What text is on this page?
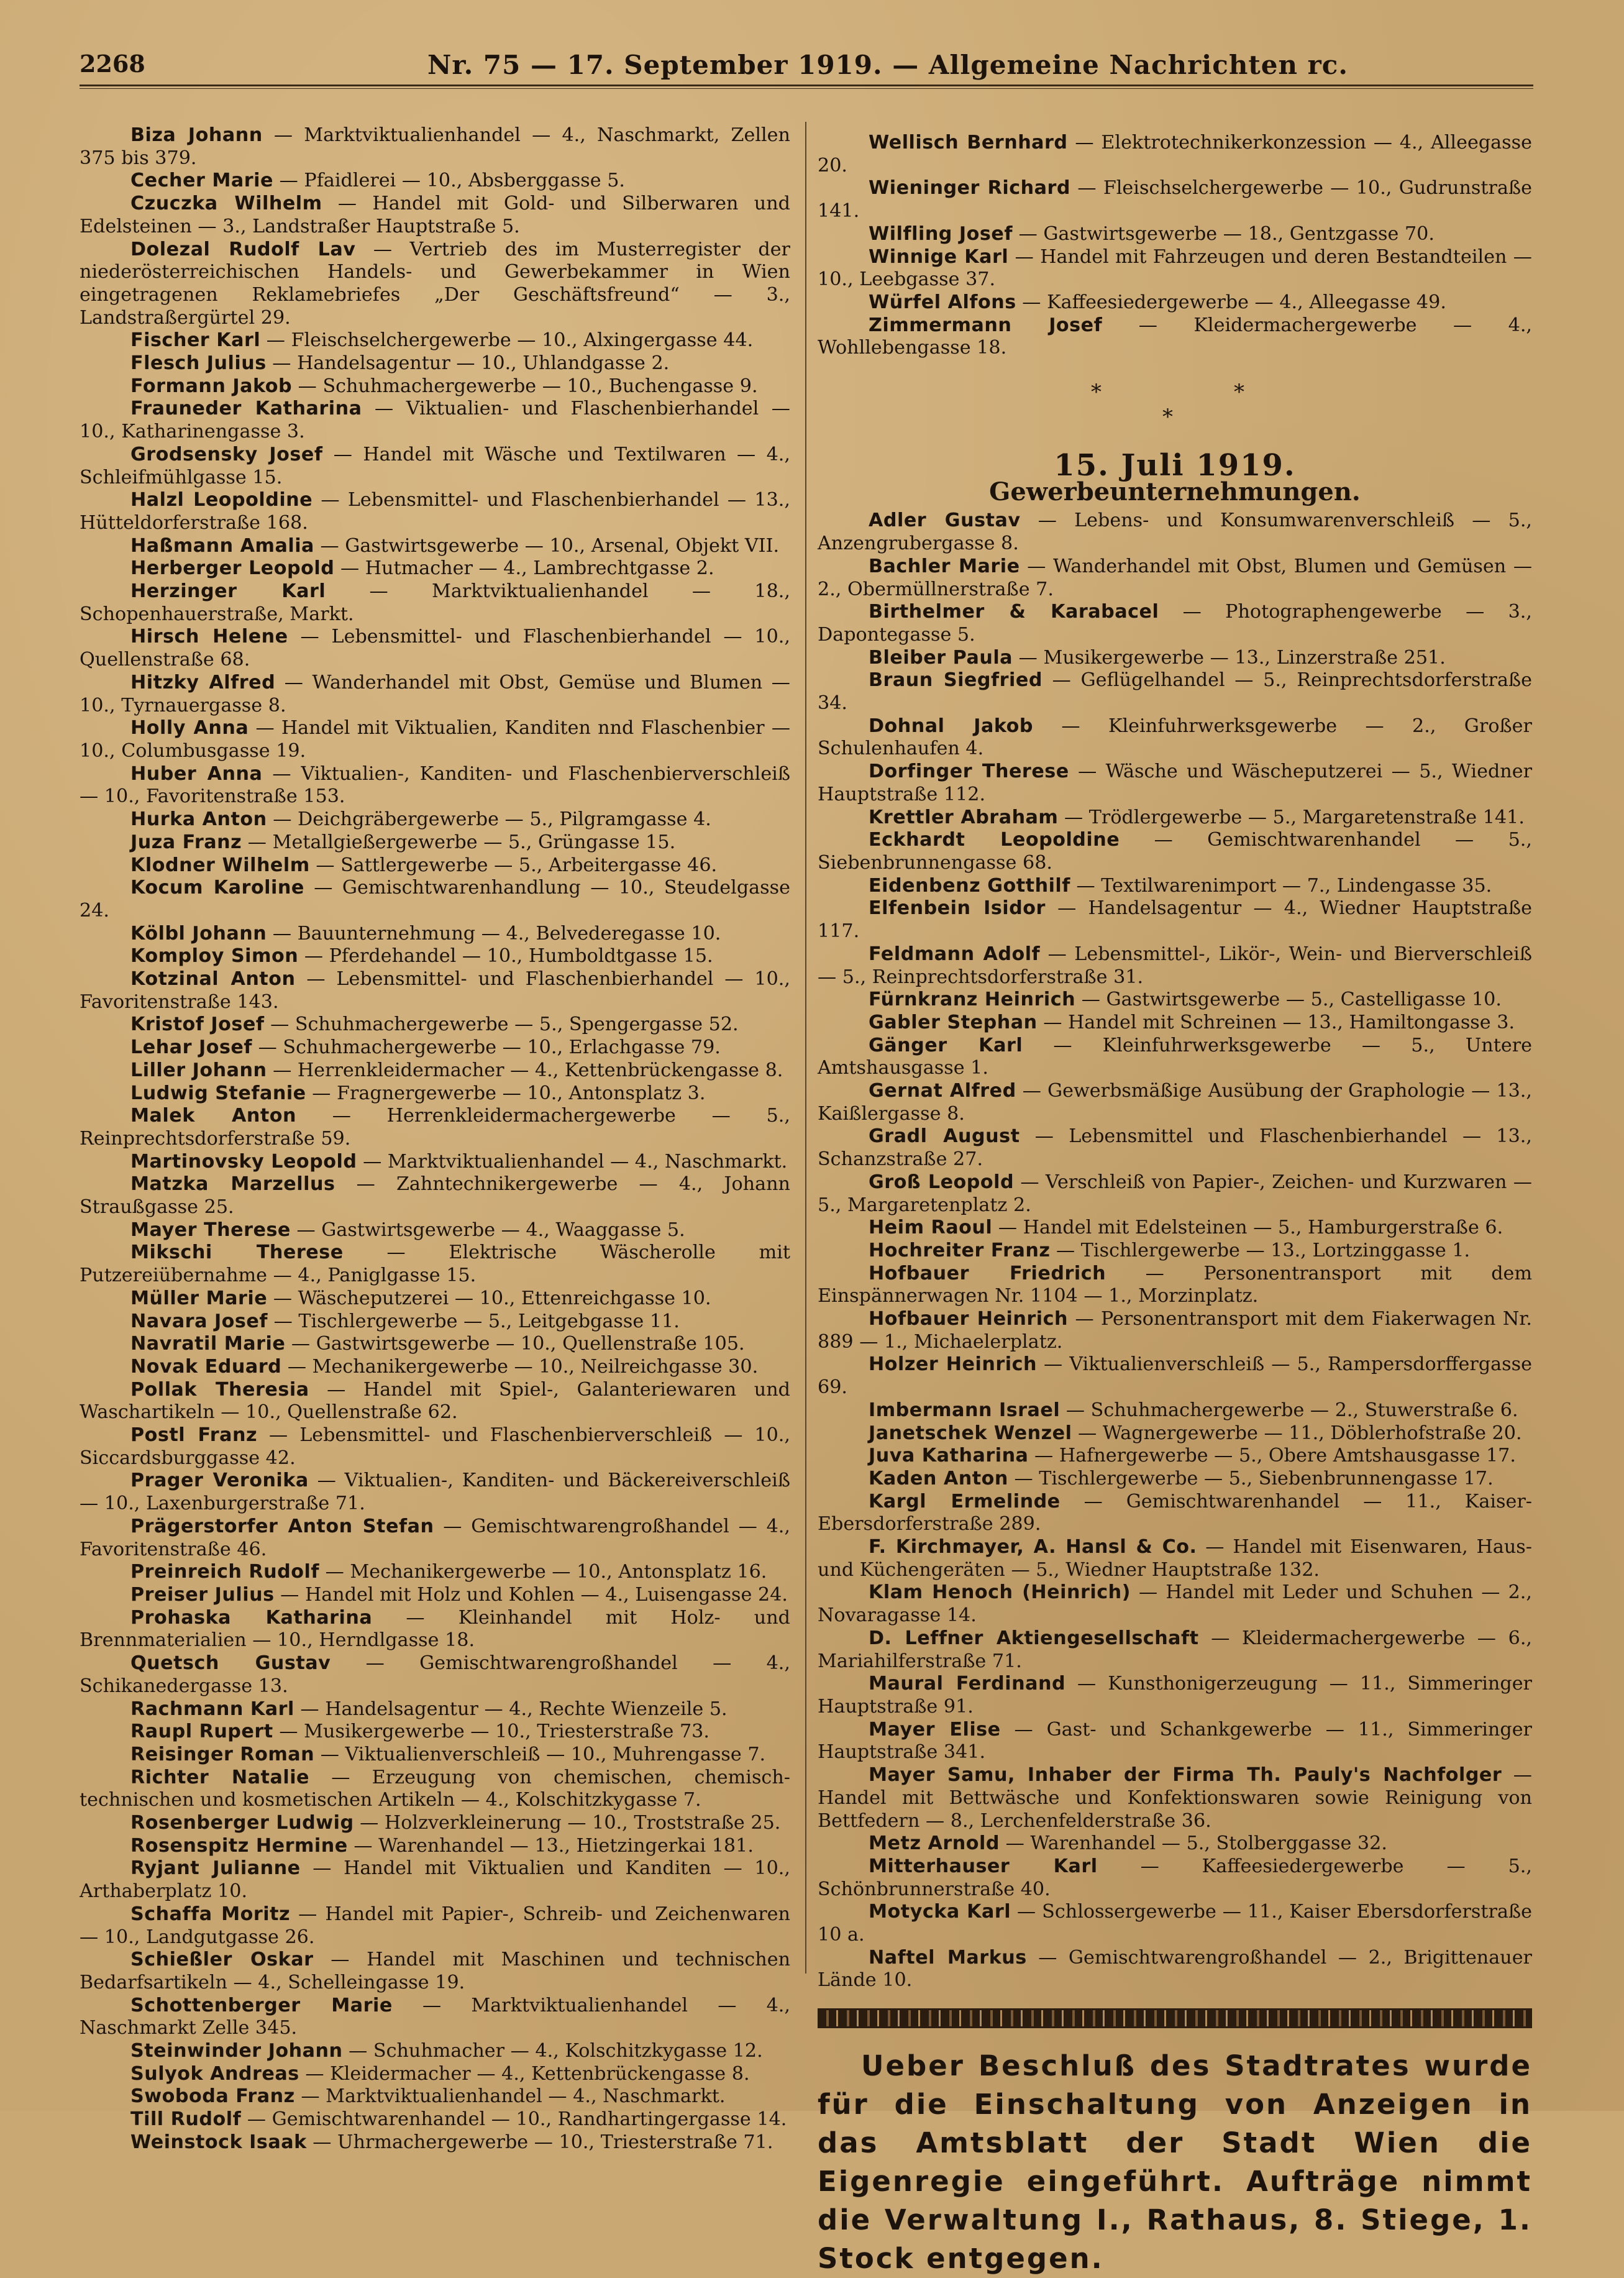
2268	Nr. 75 — 17. September 1919. — Allgemeine Nachrichten rc.

Biza Johann — Marktviktualienhandel — 4., Naschmarkt, Zellen 375 bis 379.

Cecher Marie — Pfaidlerei — 10., Absberggasse 5.

Czuczka Wilhelm — Handel mit Gold- und Silberwaren und Edelsteinen — 3., Landstraßer Hauptstraße 5.

Dolezal Rudolf Lav — Vertrieb des im Musterregister der niederösterreichischen Handels- und Gewerbekammer in Wien eingetragenen Reklamebriefes „Der Geschäftsfreund“ — 3., Landstraßergürtel 29.

Fischer Karl — Fleischselchergewerbe — 10., Alxingergasse 44.

Flesch Julius — Handelsagentur — 10., Uhlandgasse 2.

Formann Jakob — Schuhmachergewerbe — 10., Buchengasse 9.

Frauneder Katharina — Viktualien- und Flaschenbierhandel — 10., Katharinengasse 3.

Grodsensky Josef — Handel mit Wäsche und Textilwaren — 4., Schleifmühlgasse 15.

Halzl Leopoldine — Lebensmittel- und Flaschenbierhandel — 13., Hütteldorferstraße 168.

Haßmann Amalia — Gastwirtsgewerbe — 10., Arsenal, Objekt VII.

Herberger Leopold — Hutmacher — 4., Lambrechtgasse 2.

Herzinger Karl — Marktviktualienhandel — 18., Schopenhauerstraße, Markt.

Hirsch Helene — Lebensmittel- und Flaschenbierhandel — 10., Quellenstraße 68.

Hitzky Alfred — Wanderhandel mit Obst, Gemüse und Blumen — 10., Tyrnauergasse 8.

Holly Anna — Handel mit Viktualien, Kanditen nnd Flaschenbier — 10., Columbusgasse 19.

Huber Anna — Viktualien-, Kanditen- und Flaschenbierverschleiß — 10., Favoritenstraße 153.

Hurka Anton — Deichgräbergewerbe — 5., Pilgramgasse 4.

Juza Franz — Metallgießergewerbe — 5., Grüngasse 15.

Klodner Wilhelm — Sattlergewerbe — 5., Arbeitergasse 46.

Kocum Karoline — Gemischtwarenhandlung — 10., Steudelgasse 24.

Kölbl Johann — Bauunternehmung — 4., Belvederegasse 10.

Komploy Simon — Pferdehandel — 10., Humboldtgasse 15.

Kotzinal Anton — Lebensmittel- und Flaschenbierhandel — 10., Favoritenstraße 143.

Kristof Josef — Schuhmachergewerbe — 5., Spengergasse 52.

Lehar Josef — Schuhmachergewerbe — 10., Erlachgasse 79.

Liller Johann — Herrenkleidermacher — 4., Kettenbrückengasse 8.

Ludwig Stefanie — Fragnergewerbe — 10., Antonsplatz 3.

Malek Anton — Herrenkleidermachergewerbe — 5., Reinprechtsdorferstraße 59.

Martinovsky Leopold — Marktviktualienhandel — 4., Naschmarkt.

Matzka Marzellus — Zahntechnikergewerbe — 4., Johann Straußgasse 25.

Mayer Therese — Gastwirtsgewerbe — 4., Waaggasse 5.

Mikschi Therese — Elektrische Wäscherolle mit Putzereiübernahme — 4., Paniglgasse 15.

Müller Marie — Wäscheputzerei — 10., Ettenreichgasse 10.

Navara Josef — Tischlergewerbe — 5., Leitgebgasse 11.

Navratil Marie — Gastwirtsgewerbe — 10., Quellenstraße 105.

Novak Eduard — Mechanikergewerbe — 10., Neilreichgasse 30.

Pollak Theresia — Handel mit Spiel-, Galanteriewaren und Waschartikeln — 10., Quellenstraße 62.

Postl Franz — Lebensmittel- und Flaschenbierverschleiß — 10., Siccardsburggasse 42.

Prager Veronika — Viktualien-, Kanditen- und Bäckereiverschleiß — 10., Laxenburgerstraße 71.

Prägerstorfer Anton Stefan — Gemischtwarengroßhandel — 4., Favoritenstraße 46.

Preinreich Rudolf — Mechanikergewerbe — 10., Antonsplatz 16.

Preiser Julius — Handel mit Holz und Kohlen — 4., Luisengasse 24.

Prohaska Katharina — Kleinhandel mit Holz- und Brennmaterialien — 10., Herndlgasse 18.

Quetsch Gustav — Gemischtwarengroßhandel — 4., Schikanedergasse 13.

Rachmann Karl — Handelsagentur — 4., Rechte Wienzeile 5.

Raupl Rupert — Musikergewerbe — 10., Triesterstraße 73.

Reisinger Roman — Viktualienverschleiß — 10., Muhrengasse 7.

Richter Natalie — Erzeugung von chemischen, chemisch-technischen und kosmetischen Artikeln — 4., Kolschitzkygasse 7.

Rosenberger Ludwig — Holzverkleinerung — 10., Troststraße 25.

Rosenspitz Hermine — Warenhandel — 13., Hietzingerkai 181.

Ryjant Julianne — Handel mit Viktualien und Kanditen — 10., Arthaberplatz 10.

Schaffa Moritz — Handel mit Papier-, Schreib- und Zeichenwaren — 10., Landgutgasse 26.

Schießler Oskar — Handel mit Maschinen und technischen Bedarfsartikeln — 4., Schelleingasse 19.

Schottenberger Marie — Marktviktualienhandel — 4., Naschmarkt Zelle 345.

Steinwinder Johann — Schuhmacher — 4., Kolschitzkygasse 12.

Sulyok Andreas — Kleidermacher — 4., Kettenbrückengasse 8.

Swoboda Franz — Marktviktualienhandel — 4., Naschmarkt.

Till Rudolf — Gemischtwarenhandel — 10., Randhartingergasse 14.

Weinstock Isaak — Uhrmachergewerbe — 10., Triesterstraße 71.

Wellisch Bernhard — Elektrotechnikerkonzession — 4., Alleegasse 20.

Wieninger Richard — Fleischselchergewerbe — 10., Gudrunstraße 141.

Wilfling Josef — Gastwirtsgewerbe — 18., Gentzgasse 70.

Winnige Karl — Handel mit Fahrzeugen und deren Bestandteilen — 10., Leebgasse 37.

Würfel Alfons — Kaffeesiedergewerbe — 4., Alleegasse 49.

Zimmermann Josef — Kleidermachergewerbe — 4., Wohllebengasse 18.

*	*
*
15. Juli 1919.
Gewerbeunternehmungen.

Adler Gustav — Lebens- und Konsumwarenverschleiß — 5., Anzengrubergasse 8.

Bachler Marie — Wanderhandel mit Obst, Blumen und Gemüsen — 2., Obermüllnerstraße 7.

Birthelmer & Karabacel — Photographengewerbe — 3., Dapontegasse 5.

Bleiber Paula — Musikergewerbe — 13., Linzerstraße 251.

Braun Siegfried — Geflügelhandel — 5., Reinprechtsdorferstraße 34.

Dohnal Jakob — Kleinfuhrwerksgewerbe — 2., Großer Schulenhaufen 4.

Dorfinger Therese — Wäsche und Wäscheputzerei — 5., Wiedner Hauptstraße 112.

Krettler Abraham — Trödlergewerbe — 5., Margaretenstraße 141.

Eckhardt Leopoldine — Gemischtwarenhandel — 5., Siebenbrunnengasse 68.

Eidenbenz Gotthilf — Textilwarenimport — 7., Lindengasse 35.

Elfenbein Isidor — Handelsagentur — 4., Wiedner Hauptstraße 117.

Feldmann Adolf — Lebensmittel-, Likör-, Wein- und Bierverschleiß — 5., Reinprechtsdorferstraße 31.

Fürnkranz Heinrich — Gastwirtsgewerbe — 5., Castelligasse 10.

Gabler Stephan — Handel mit Schreinen — 13., Hamiltongasse 3.

Gänger Karl — Kleinfuhrwerksgewerbe — 5., Untere Amtshausgasse 1.

Gernat Alfred — Gewerbsmäßige Ausübung der Graphologie — 13., Kaißlergasse 8.

Gradl August — Lebensmittel und Flaschenbierhandel — 13., Schanzstraße 27.

Groß Leopold — Verschleiß von Papier-, Zeichen- und Kurzwaren — 5., Margaretenplatz 2.

Heim Raoul — Handel mit Edelsteinen — 5., Hamburgerstraße 6.

Hochreiter Franz — Tischlergewerbe — 13., Lortzinggasse 1.

Hofbauer Friedrich — Personentransport mit dem Einspännerwagen Nr. 1104 — 1., Morzinplatz.

Hofbauer Heinrich — Personentransport mit dem Fiakerwagen Nr. 889 — 1., Michaelerplatz.

Holzer Heinrich — Viktualienverschleiß — 5., Rampersdorffergasse 69.

Imbermann Israel — Schuhmachergewerbe — 2., Stuwerstraße 6.

Janetschek Wenzel — Wagnergewerbe — 11., Döblerhofstraße 20.

Juva Katharina — Hafnergewerbe — 5., Obere Amtshausgasse 17.

Kaden Anton — Tischlergewerbe — 5., Siebenbrunnengasse 17.

Kargl Ermelinde — Gemischtwarenhandel — 11., Kaiser-Ebersdorferstraße 289.

F. Kirchmayer, A. Hansl & Co. — Handel mit Eisenwaren, Haus- und Küchengeräten — 5., Wiedner Hauptstraße 132.

Klam Henoch (Heinrich) — Handel mit Leder und Schuhen — 2., Novaragasse 14.

D. Leffner Aktiengesellschaft — Kleidermachergewerbe — 6., Mariahilferstraße 71.

Maural Ferdinand — Kunsthonigerzeugung — 11., Simmeringer Hauptstraße 91.

Mayer Elise — Gast- und Schankgewerbe — 11., Simmeringer Hauptstraße 341.

Mayer Samu, Inhaber der Firma Th. Pauly's Nachfolger — Handel mit Bettwäsche und Konfektionswaren sowie Reinigung von Bettfedern — 8., Lerchenfelderstraße 36.

Metz Arnold — Warenhandel — 5., Stolberggasse 32.

Mitterhauser Karl — Kaffeesiedergewerbe — 5., Schönbrunnerstraße 40.

Motycka Karl — Schlossergewerbe — 11., Kaiser Ebersdorferstraße 10 a.

Naftel Markus — Gemischtwarengroßhandel — 2., Brigittenauer Lände 10.

Ueber Beschluß des Stadtrates wurde für die Einschaltung von Anzeigen in das Amtsblatt der Stadt Wien die Eigenregie eingeführt. Aufträge nimmt die Verwaltung I., Rathaus, 8. Stiege, 1. Stock entgegen.
